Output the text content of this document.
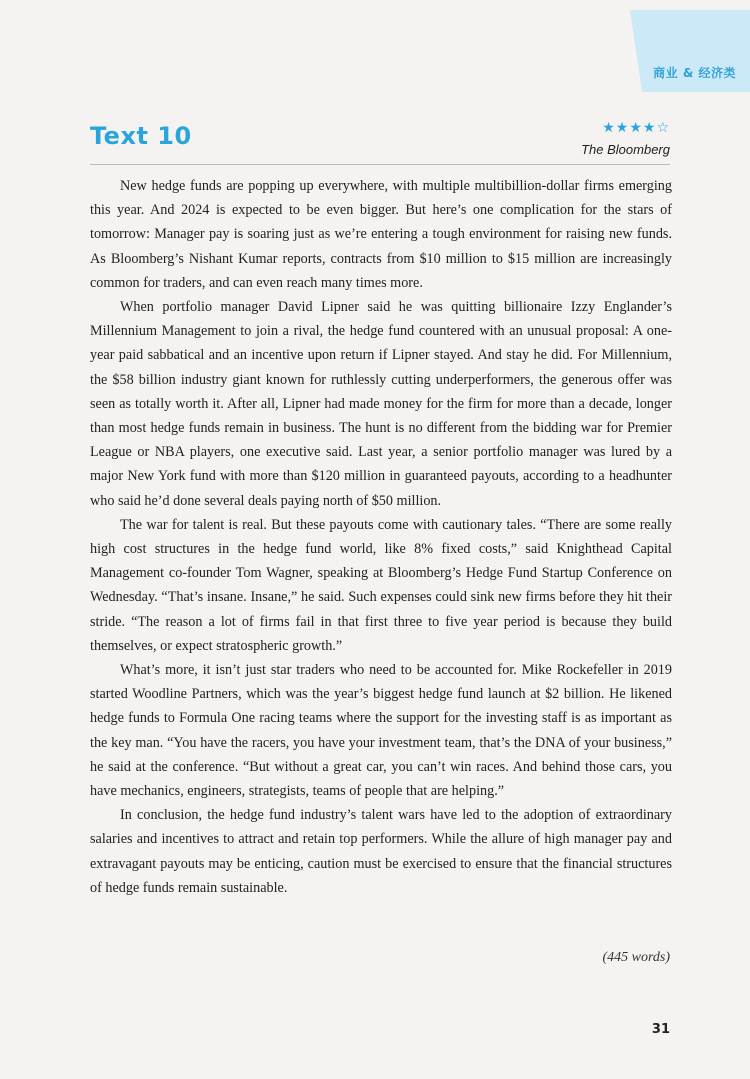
商业 & 经济类
Text 10	★★★★☆
The Bloomberg

New hedge funds are popping up everywhere, with multiple multibillion-dollar firms emerging this year. And 2024 is expected to be even bigger. But here’s one complication for the stars of tomorrow: Manager pay is soaring just as we’re entering a tough environment for raising new funds. As Bloomberg’s Nishant Kumar reports, contracts from $10 million to $15 million are increasingly common for traders, and can even reach many times more.

When portfolio manager David Lipner said he was quitting billionaire Izzy Englander’s Millennium Management to join a rival, the hedge fund countered with an unusual proposal: A one-year paid sabbatical and an incentive upon return if Lipner stayed. And stay he did. For Millennium, the $58 billion industry giant known for ruthlessly cutting underperformers, the generous offer was seen as totally worth it. After all, Lipner had made money for the firm for more than a decade, longer than most hedge funds remain in business. The hunt is no different from the bidding war for Premier League or NBA players, one executive said. Last year, a senior portfolio manager was lured by a major New York fund with more than $120 million in guaranteed payouts, according to a headhunter who said he’d done several deals paying north of $50 million.

The war for talent is real. But these payouts come with cautionary tales. “There are some really high cost structures in the hedge fund world, like 8% fixed costs,” said Knighthead Capital Management co-founder Tom Wagner, speaking at Bloomberg’s Hedge Fund Startup Conference on Wednesday. “That’s insane. Insane,” he said. Such expenses could sink new firms before they hit their stride. “The reason a lot of firms fail in that first three to five year period is because they build themselves, or expect stratospheric growth.”

What’s more, it isn’t just star traders who need to be accounted for. Mike Rockefeller in 2019 started Woodline Partners, which was the year’s biggest hedge fund launch at $2 billion. He likened hedge funds to Formula One racing teams where the support for the investing staff is as important as the key man. “You have the racers, you have your investment team, that’s the DNA of your business,” he said at the conference. “But without a great car, you can’t win races. And behind those cars, you have mechanics, engineers, strategists, teams of people that are helping.”

In conclusion, the hedge fund industry’s talent wars have led to the adoption of extraordinary salaries and incentives to attract and retain top performers. While the allure of high manager pay and extravagant payouts may be enticing, caution must be exercised to ensure that the financial structures of hedge funds remain sustainable.

(445 words)
31
